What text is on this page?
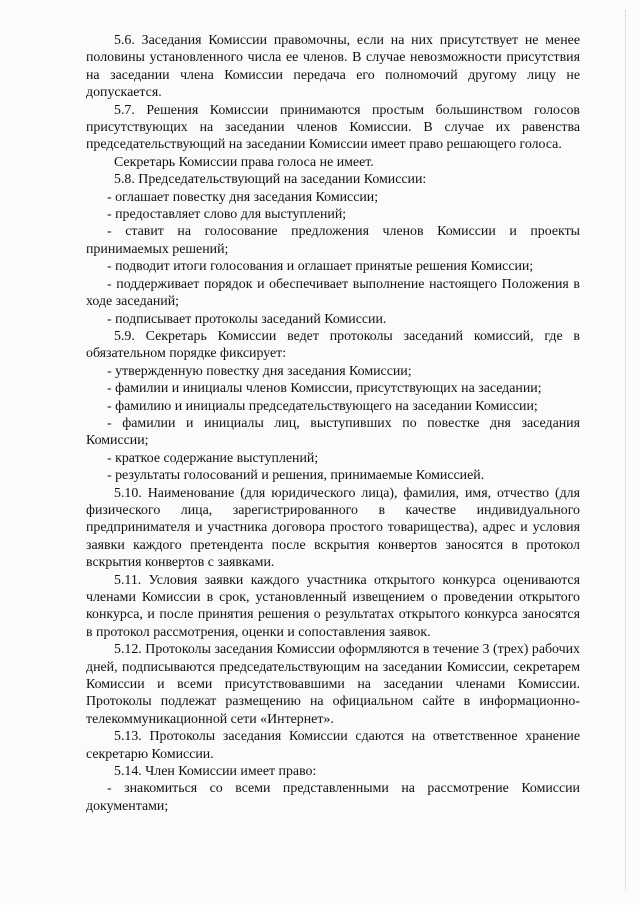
5.6. Заседания Комиссии правомочны, если на них присутствует не менее половины установленного числа ее членов. В случае невозможности присутствия на заседании члена Комиссии передача его полномочий другому лицу не допускается.

5.7. Решения Комиссии принимаются простым большинством голосов присутствующих на заседании членов Комиссии. В случае их равенства председательствующий на заседании Комиссии имеет право решающего голоса.

Секретарь Комиссии права голоса не имеет.

5.8. Председательствующий на заседании Комиссии:

- оглашает повестку дня заседания Комиссии;

- предоставляет слово для выступлений;

- ставит на голосование предложения членов Комиссии и проекты принимаемых решений;

- подводит итоги голосования и оглашает принятые решения Комиссии;

- поддерживает порядок и обеспечивает выполнение настоящего Положения в ходе заседаний;

- подписывает протоколы заседаний Комиссии.

5.9. Секретарь Комиссии ведет протоколы заседаний комиссий, где в обязательном порядке фиксирует:

- утвержденную повестку дня заседания Комиссии;

- фамилии и инициалы членов Комиссии, присутствующих на заседании;

- фамилию и инициалы председательствующего на заседании Комиссии;

- фамилии и инициалы лиц, выступивших по повестке дня заседания Комиссии;

- краткое содержание выступлений;

- результаты голосований и решения, принимаемые Комиссией.

5.10. Наименование (для юридического лица), фамилия, имя, отчество (для физического лица, зарегистрированного в качестве индивидуального предпринимателя и участника договора простого товарищества), адрес и условия заявки каждого претендента после вскрытия конвертов заносятся в протокол вскрытия конвертов с заявками.

5.11. Условия заявки каждого участника открытого конкурса оцениваются членами Комиссии в срок, установленный извещением о проведении открытого конкурса, и после принятия решения о результатах открытого конкурса заносятся в протокол рассмотрения, оценки и сопоставления заявок.

5.12. Протоколы заседания Комиссии оформляются в течение 3 (трех) рабочих дней, подписываются председательствующим на заседании Комиссии, секретарем Комиссии и всеми присутствовавшими на заседании членами Комиссии. Протоколы подлежат размещению на официальном сайте в информационно-телекоммуникационной сети «Интернет».

5.13. Протоколы заседания Комиссии сдаются на ответственное хранение секретарю Комиссии.

5.14. Член Комиссии имеет право:

- знакомиться со всеми представленными на рассмотрение Комиссии документами;
